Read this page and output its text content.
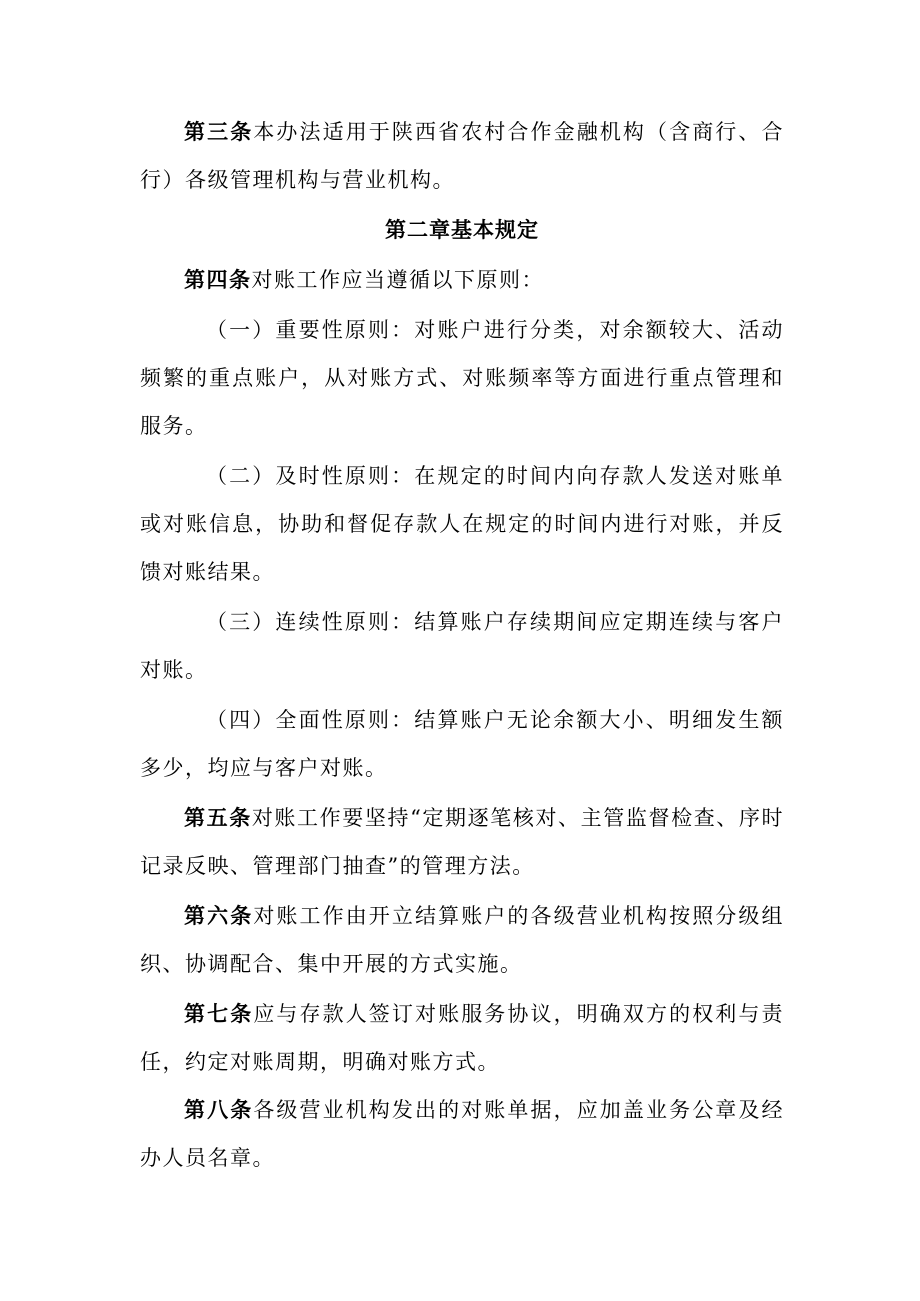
第三条本办法适用于陕西省农村合作金融机构（含商行、合行）各级管理机构与营业机构。

第二章基本规定

第四条对账工作应当遵循以下原则：

（一）重要性原则：对账户进行分类，对余额较大、活动频繁的重点账户，从对账方式、对账频率等方面进行重点管理和服务。

（二）及时性原则：在规定的时间内向存款人发送对账单或对账信息，协助和督促存款人在规定的时间内进行对账，并反馈对账结果。

（三）连续性原则：结算账户存续期间应定期连续与客户对账。

（四）全面性原则：结算账户无论余额大小、明细发生额多少，均应与客户对账。

第五条对账工作要坚持“定期逐笔核对、主管监督检查、序时记录反映、管理部门抽查”的管理方法。

第六条对账工作由开立结算账户的各级营业机构按照分级组织、协调配合、集中开展的方式实施。

第七条应与存款人签订对账服务协议，明确双方的权利与责任，约定对账周期，明确对账方式。

第八条各级营业机构发出的对账单据，应加盖业务公章及经办人员名章。
